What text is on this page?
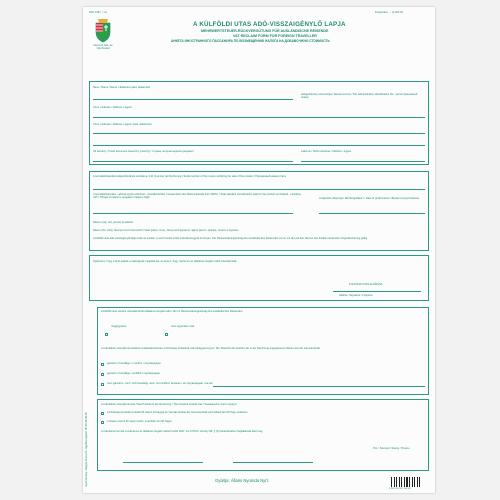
NAV 1357, r. sz.	Folyószám: ... (A 200 Ft)
Nemzeti Adó- és Vámhivatal
A KÜLFÖLDI UTAS ADÓ-VISSZAIGÉNYLŐ LAPJA
MEHRWERTSTEUER-RÜCKVERGÜTUNG FÜR AUSLÄNDISCHE REISENDE
VAT RECLAIM FORM FOR FOREIGN TRAVELLER
АНКЕТА ИНОСТРАННОГО ПАССАЖИРА ПО ВОЗМЕЩЕНИЮ НАЛОГА НА ДОБАВОЧНУЮ СТОИМОСТЬ
Neve / Name / Name / Фамилия (имя, фамилия)
adóigazolvány azonosítója / Steuernummer / Tax Administration identification No. / регистрационный номер
Címe / Adresse / Address / Адрес
Címe / Adresse / Address / Адрес (имя, фамилия)
Úti okmány / Travel document issued by (country) / Страна, которая выдала документ	Lakcíme / Wohn-Adresse / Address / Адрес
A termékértékesítést teljesítő/számla sorszáma / Lfd. Nummer der Rechnung / Serial number of the invoice certifying the sale of the product / Порядковый номер счёта
A termékértékesítés - adóval együtt számított - összellenértéke / Gesamtwert des Warenverkaufs inkl. MWSt. / Total valuable consideration paid for the product purchased - including VAT / Общая стоимость продажи товара с НДС	A teljesítés időpontja / Erfüllungsdatum / Date of performance / Время осуществления
Dátum (nap, hó), perceit és aláírás
Dátum (Ort, Zeit), Stempel und Unterschrift / Date (place, time), stamp and signature / Дата (место, время), печать и подпись
A külföldi utas adó-visszaigénylő lapja csak az eredeti, a vevő nevére szóló számlával együtt érvényes. Der Rückerstattungsantrag des ausländischen Reisenden ist nur mit der auf den Namen des Käufers lautenden Originalrechnung gültig.
Kijelentem, hogy a fenti adatok a valóságnak megfelelnek, és kérem, hogy részemre az általános forgalmi adót visszatérítsék.
KÜLFÖLDI UTAS ALÁÍRÁSA
Aláírás / Signature / Подпись
A külföldi utas részére visszatérítendő általános forgalmi adó / Die im Rückerstattungsantrag des ausländischen Reisenden
megjegyzése	nem egyezése miatt
A számlában szereplő termékeket rendeltetésszerűen a Közösség területéről való elhagyás tényét / Die Tatsache der Ausfuhr der in der Rechnung angegebenen Waren aus der Gemeinschaft
igazolom / bestätige / I confirm / подтверждаю
igazolom / bestätige / certified / подтверждаю
nem igazolom, mert / nicht bestätigt, weil / not certified, because / не подтверждаю, так как
A számlában szereplő termék / Das Produkt in der Rechnung / The invoiced product has / Указанный в счете продукт
a Közösség területét a kiviteli 90 napon túl hagyta el / hat das Gebiet der Gemeinschaft nach Ablauf der 90 Tage verlassen
a fizetés szerint 90 napon belül / innerhalb von 90 Tagen
A számlázott termék a számla és az általános forgalmi adóról szóló 2007. évi CXXVII. törvény 98. § (2) bekezdésében foglaltaknak felel meg.
P.H. / Stempel / Stamp / Печать
Gyártja: Állami Nyomda Nyrt.
Nyomtatvány: Magyar Posta Zrt. Ügyfélszolgálat: 06-40-46-46-46
5 998 563 997 148 011
